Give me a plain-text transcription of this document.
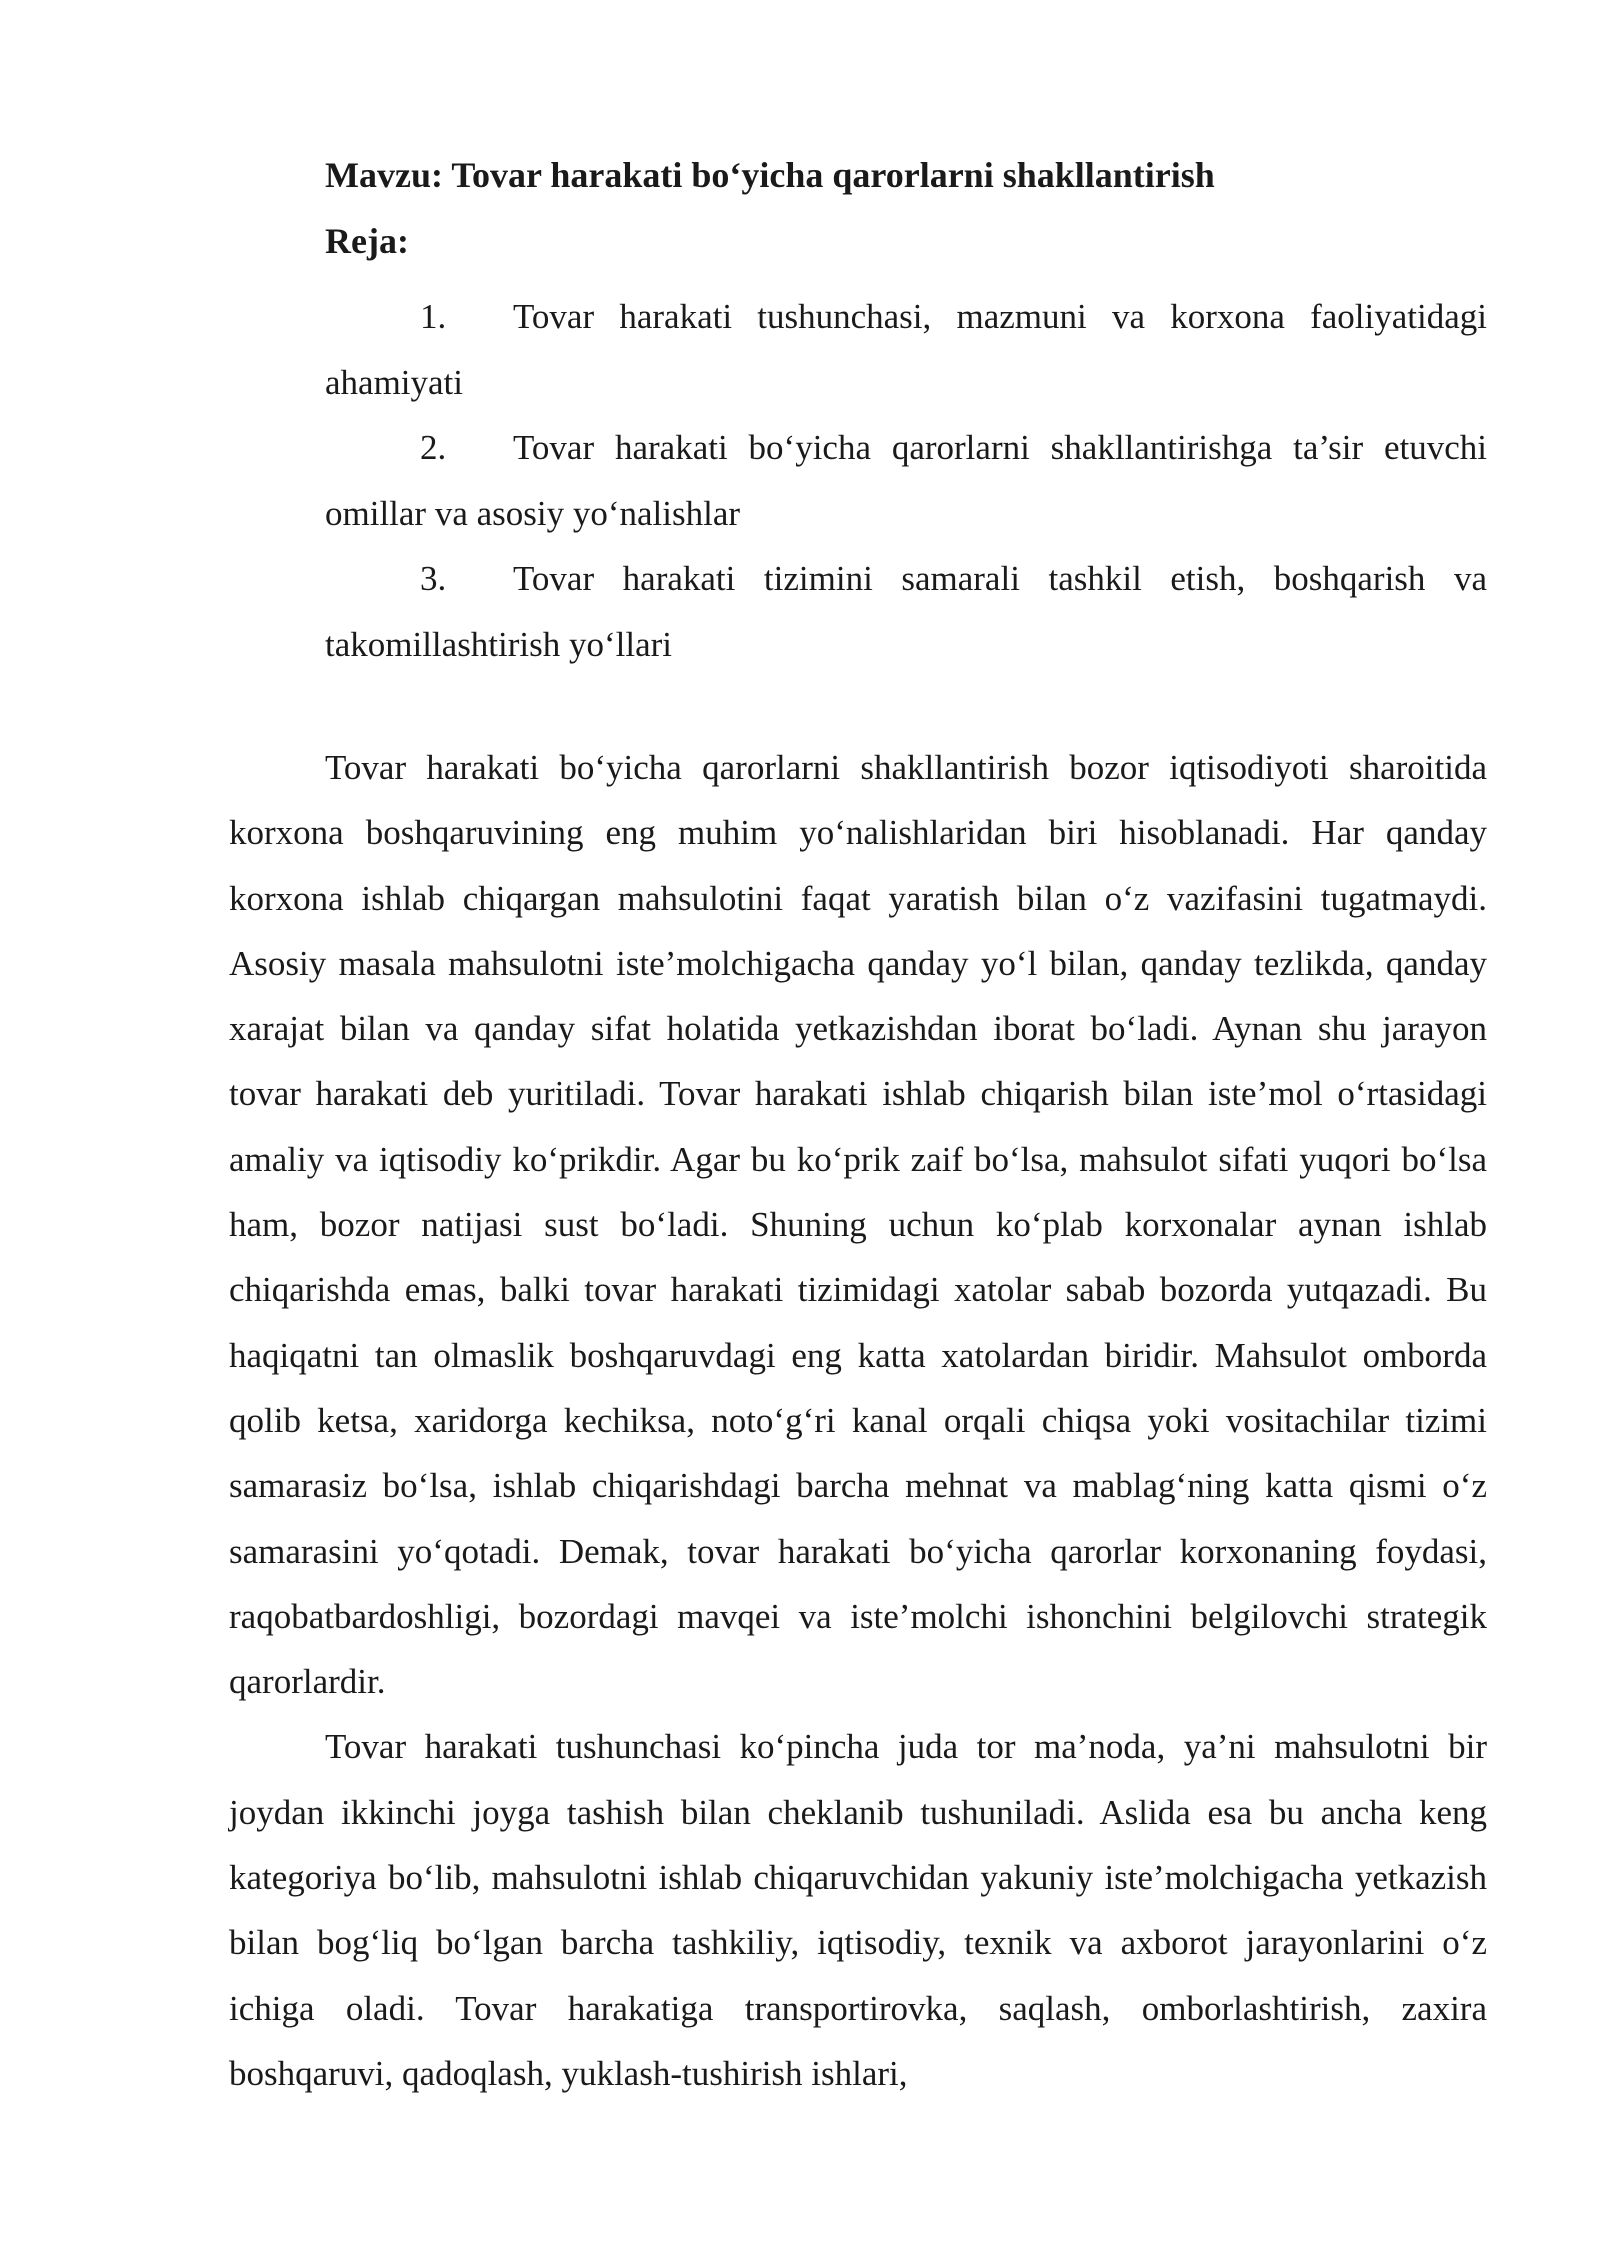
Mavzu: Tovar harakati bo‘yicha qarorlarni shakllantirish
Reja:
1. Tovar harakati tushunchasi, mazmuni va korxona faoliyatidagi ahamiyati
2. Tovar harakati bo‘yicha qarorlarni shakllantirishga ta’sir etuvchi omillar va asosiy yo‘nalishlar
3. Tovar harakati tizimini samarali tashkil etish, boshqarish va takomillashtirish yo‘llari

Tovar harakati bo‘yicha qarorlarni shakllantirish bozor iqtisodiyoti sharoitida korxona boshqaruvining eng muhim yo‘nalishlaridan biri hisoblanadi. Har qanday korxona ishlab chiqargan mahsulotini faqat yaratish bilan o‘z vazifasini tugatmaydi. Asosiy masala mahsulotni iste’molchigacha qanday yo‘l bilan, qanday tezlikda, qanday xarajat bilan va qanday sifat holatida yetkazishdan iborat bo‘ladi. Aynan shu jarayon tovar harakati deb yuritiladi. Tovar harakati ishlab chiqarish bilan iste’mol o‘rtasidagi amaliy va iqtisodiy ko‘prikdir. Agar bu ko‘prik zaif bo‘lsa, mahsulot sifati yuqori bo‘lsa ham, bozor natijasi sust bo‘ladi. Shuning uchun ko‘plab korxonalar aynan ishlab chiqarishda emas, balki tovar harakati tizimidagi xatolar sabab bozorda yutqazadi. Bu haqiqatni tan olmaslik boshqaruvdagi eng katta xatolardan biridir. Mahsulot omborda qolib ketsa, xaridorga kechiksa, noto‘g‘ri kanal orqali chiqsa yoki vositachilar tizimi samarasiz bo‘lsa, ishlab chiqarishdagi barcha mehnat va mablag‘ning katta qismi o‘z samarasini yo‘qotadi. Demak, tovar harakati bo‘yicha qarorlar korxonaning foydasi, raqobatbardoshligi, bozordagi mavqei va iste’molchi ishonchini belgilovchi strategik qarorlardir.

Tovar harakati tushunchasi ko‘pincha juda tor ma’noda, ya’ni mahsulotni bir joydan ikkinchi joyga tashish bilan cheklanib tushuniladi. Aslida esa bu ancha keng kategoriya bo‘lib, mahsulotni ishlab chiqaruvchidan yakuniy iste’molchigacha yetkazish bilan bog‘liq bo‘lgan barcha tashkiliy, iqtisodiy, texnik va axborot jarayonlarini o‘z ichiga oladi. Tovar harakatiga transportirovka, saqlash, omborlashtirish, zaxira boshqaruvi, qadoqlash, yuklash-tushirish ishlari,
